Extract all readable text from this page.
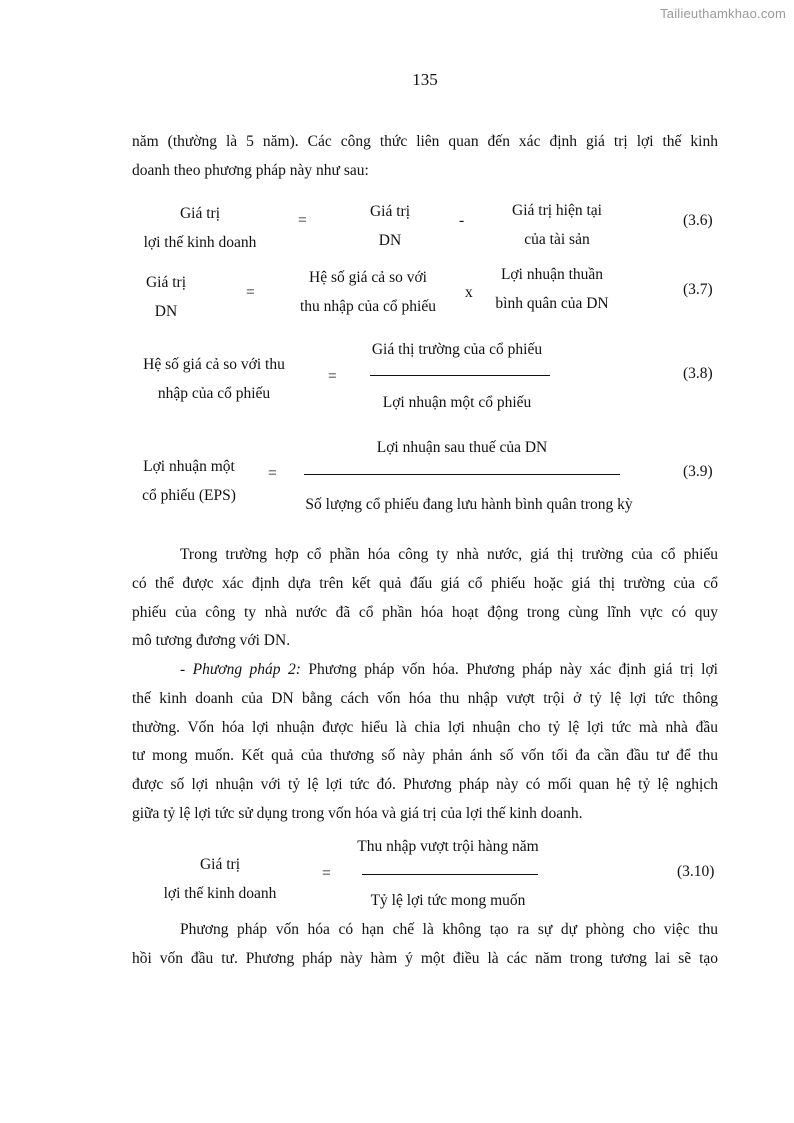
Tailieuthamkhao.com
135
năm (thường là 5 năm). Các công thức liên quan đến xác định giá trị lợi thế kinh
doanh theo phương pháp này như sau:
Giá trị
lợi thế kinh doanh
=
Giá trị
DN
-
Giá trị hiện tại
của tài sản
(3.6)
Giá trị
DN
=
Hệ số giá cả so với
thu nhập của cổ phiếu
x
Lợi nhuận thuần
bình quân của DN
(3.7)
Hệ số giá cả so với thu
nhập của cổ phiếu
=
Giá thị trường của cổ phiếu
Lợi nhuận một cổ phiếu
(3.8)
Lợi nhuận một
cổ phiếu (EPS)
=
Lợi nhuận sau thuế của DN
Số lượng cổ phiếu đang lưu hành bình quân trong kỳ
(3.9)
Trong trường hợp cổ phần hóa công ty nhà nước, giá thị trường của cổ phiếu
có thể được xác định dựa trên kết quả đấu giá cổ phiếu hoặc giá thị trường của cổ
phiếu của công ty nhà nước đã cổ phần hóa hoạt động trong cùng lĩnh vực có quy
mô tương đương với DN.
- Phương pháp 2: Phương pháp vốn hóa. Phương pháp này xác định giá trị lợi
thế kinh doanh của DN bằng cách vốn hóa thu nhập vượt trội ở tỷ lệ lợi tức thông
thường. Vốn hóa lợi nhuận được hiểu là chia lợi nhuận cho tỷ lệ lợi tức mà nhà đầu
tư mong muốn. Kết quả của thương số này phản ánh số vốn tối đa cần đầu tư để thu
được số lợi nhuận với tỷ lệ lợi tức đó. Phương pháp này có mối quan hệ tỷ lệ nghịch
giữa tỷ lệ lợi tức sử dụng trong vốn hóa và giá trị của lợi thế kinh doanh.
Giá trị
lợi thế kinh doanh
=
Thu nhập vượt trội hàng năm
Tỷ lệ lợi tức mong muốn
(3.10)
Phương pháp vốn hóa có hạn chế là không tạo ra sự dự phòng cho việc thu
hồi vốn đầu tư. Phương pháp này hàm ý một điều là các năm trong tương lai sẽ tạo
